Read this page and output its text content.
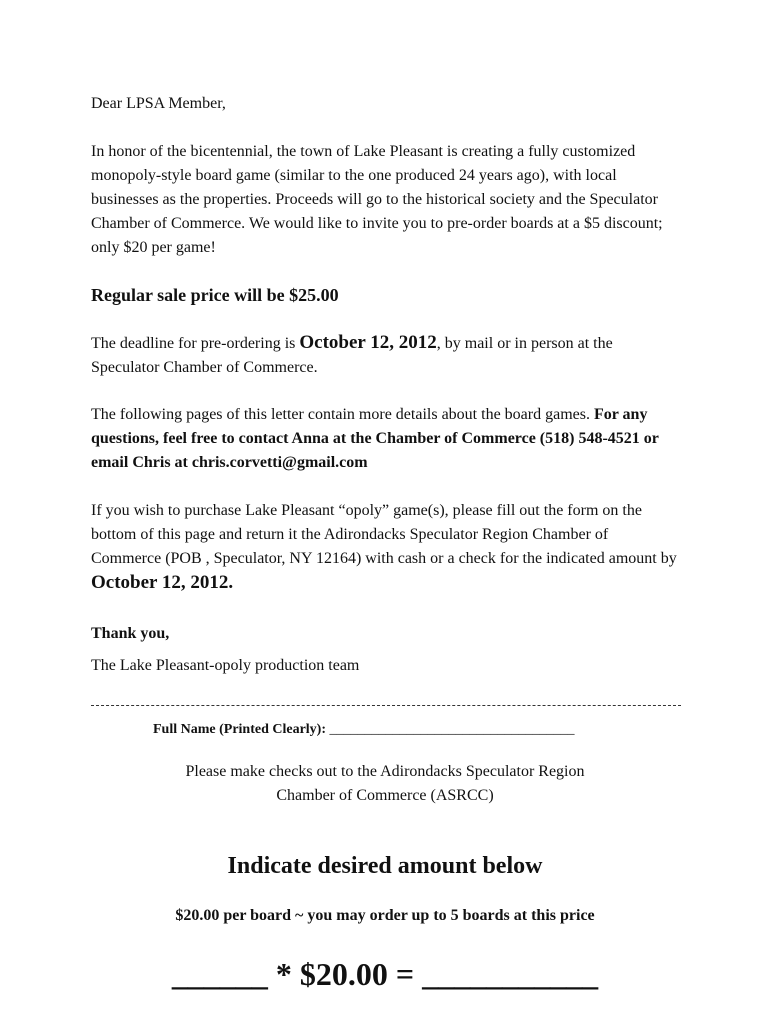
Dear LPSA Member,

In honor of the bicentennial, the town of Lake Pleasant is creating a fully customized monopoly-style board game (similar to the one produced 24 years ago), with local businesses as the properties. Proceeds will go to the historical society and the Speculator Chamber of Commerce. We would like to invite you to pre-order boards at a $5 discount; only $20 per game!

Regular sale price will be $25.00

The deadline for pre-ordering is October 12, 2012, by mail or in person at the Speculator Chamber of Commerce.

The following pages of this letter contain more details about the board games. For any questions, feel free to contact Anna at the Chamber of Commerce (518) 548-4521 or email Chris at chris.corvetti@gmail.com

If you wish to purchase Lake Pleasant “opoly” game(s), please fill out the form on the bottom of this page and return it the Adirondacks Speculator Region Chamber of Commerce (POB , Speculator, NY 12164) with cash or a check for the indicated amount by October 12, 2012.

Thank you,

The Lake Pleasant-opoly production team

Full Name (Printed Clearly): ___________________________________

Please make checks out to the Adirondacks Speculator Region

Chamber of Commerce (ASRCC)

Indicate desired amount below

$20.00 per board ~ you may order up to 5 boards at this price

______ * $20.00 = ___________
